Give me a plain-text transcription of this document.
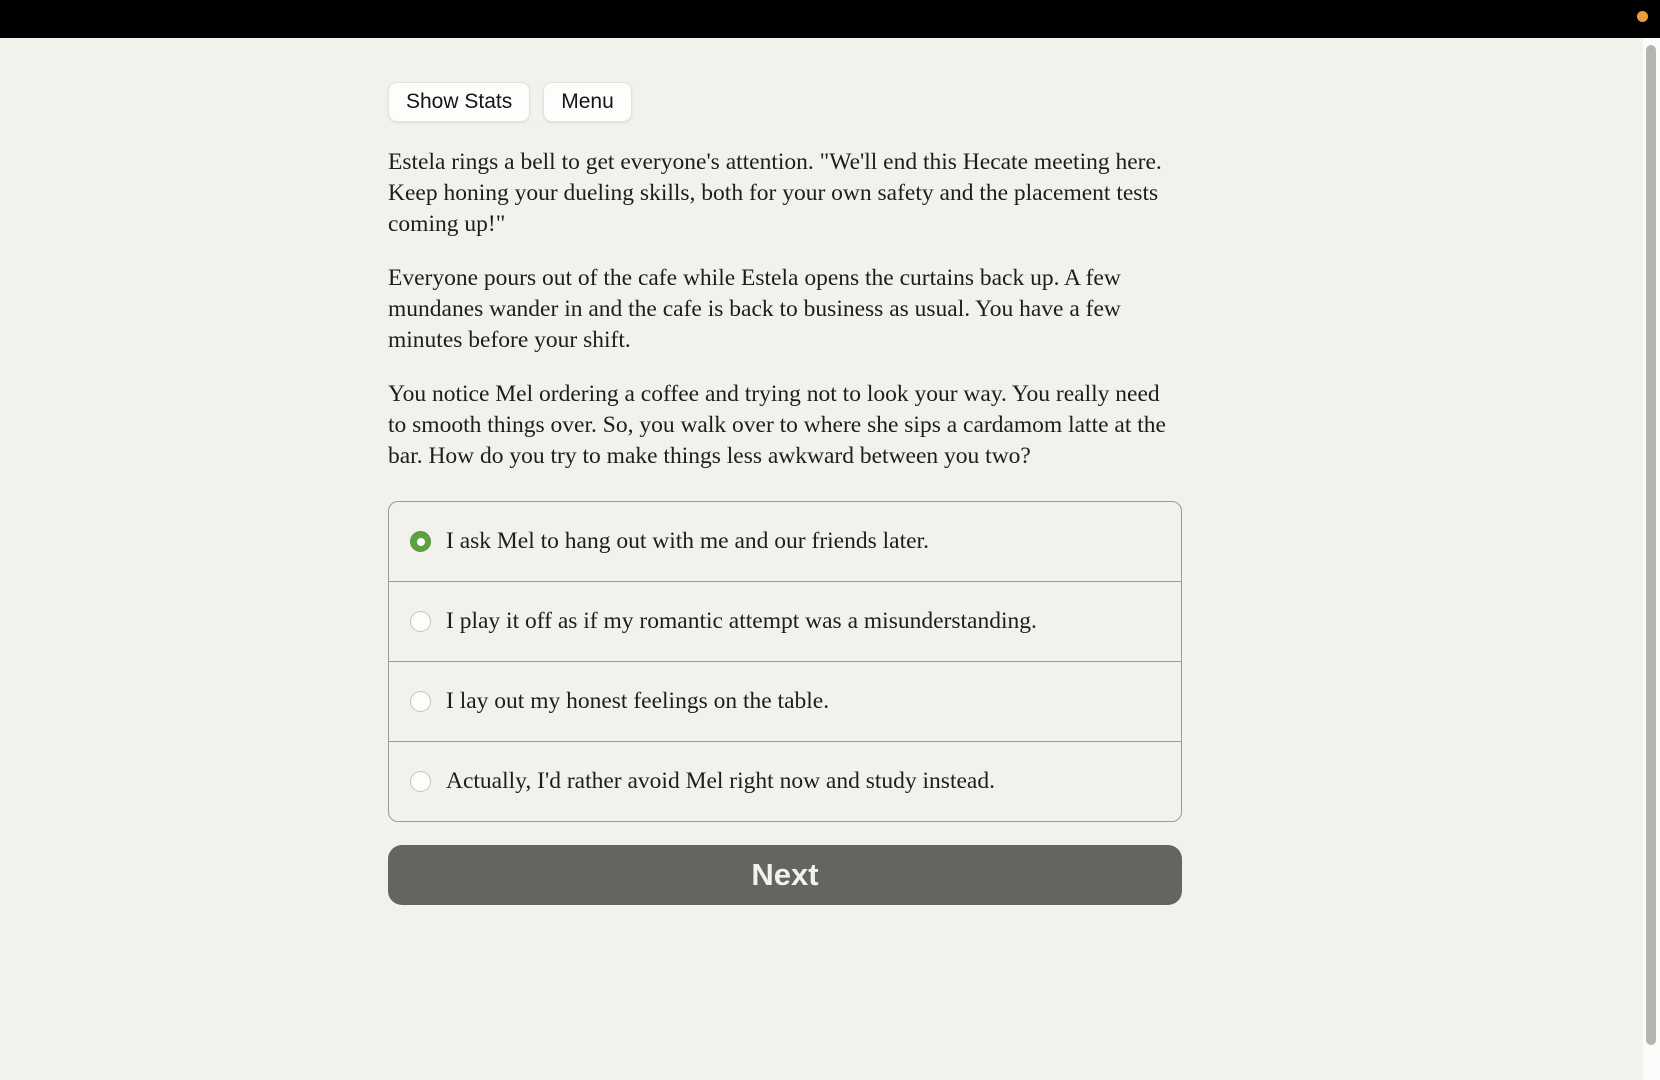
Show Stats	Menu

Estela rings a bell to get everyone's attention. "We'll end this Hecate meeting here. Keep honing your dueling skills, both for your own safety and the placement tests coming up!"

Everyone pours out of the cafe while Estela opens the curtains back up. A few mundanes wander in and the cafe is back to business as usual. You have a few minutes before your shift.

You notice Mel ordering a coffee and trying not to look your way. You really need to smooth things over. So, you walk over to where she sips a cardamom latte at the bar. How do you try to make things less awkward between you two?

I ask Mel to hang out with me and our friends later.
I play it off as if my romantic attempt was a misunderstanding.
I lay out my honest feelings on the table.
Actually, I'd rather avoid Mel right now and study instead.
Next
